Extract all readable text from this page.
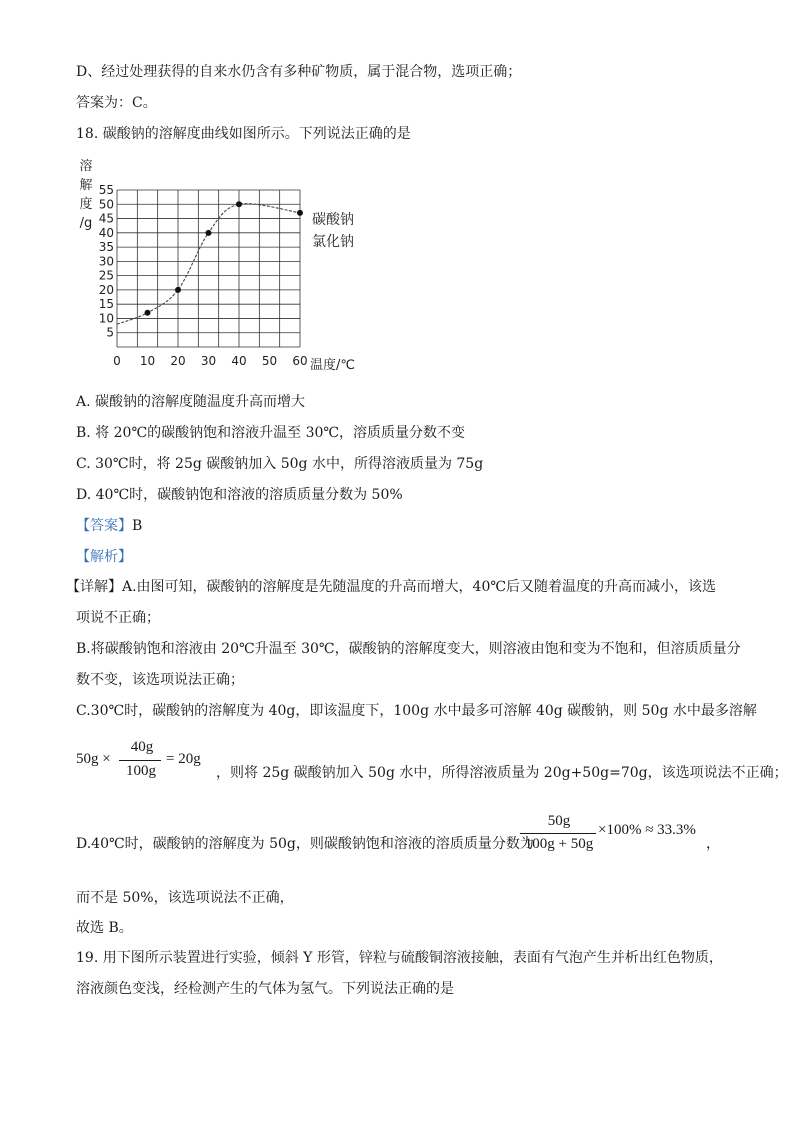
D、经过处理获得的自来水仍含有多种矿物质，属于混合物，选项正确；
答案为：C。
18. 碳酸钠的溶解度曲线如图所示。下列说法正确的是
溶
解
度
/g
5
10
15
20
25
30
35
40
45
50
55
0 10 20 30 40 50 60
碳酸钠
氯化钠
温度/℃
A. 碳酸钠的溶解度随温度升高而增大
B. 将 20℃的碳酸钠饱和溶液升温至 30℃，溶质质量分数不变
C. 30℃时，将 25g 碳酸钠加入 50g 水中，所得溶液质量为 75g
D. 40℃时，碳酸钠饱和溶液的溶质质量分数为 50%
【答案】B
【解析】
【详解】A.由图可知，碳酸钠的溶解度是先随温度的升高而增大，40℃后又随着温度的升高而减小，该选
项说不正确；
B.将碳酸钠饱和溶液由 20℃升温至 30℃，碳酸钠的溶解度变大，则溶液由饱和变为不饱和，但溶质质量分
数不变，该选项说法正确；
C.30℃时，碳酸钠的溶解度为 40g，即该温度下，100g 水中最多可溶解 40g 碳酸钠，则 50g 水中最多溶解
50g ×
40g
100g
= 20g
，则将 25g 碳酸钠加入 50g 水中，所得溶液质量为 20g+50g=70g，该选项说法不正确；
D.40℃时，碳酸钠的溶解度为 50g，则碳酸钠饱和溶液的溶质质量分数为
50g
100g + 50g
×100% ≈ 33.3%
，
而不是 50%，该选项说法不正确，
故选 B。
19. 用下图所示装置进行实验，倾斜 Y 形管，锌粒与硫酸铜溶液接触，表面有气泡产生并析出红色物质，
溶液颜色变浅，经检测产生的气体为氢气。下列说法正确的是
